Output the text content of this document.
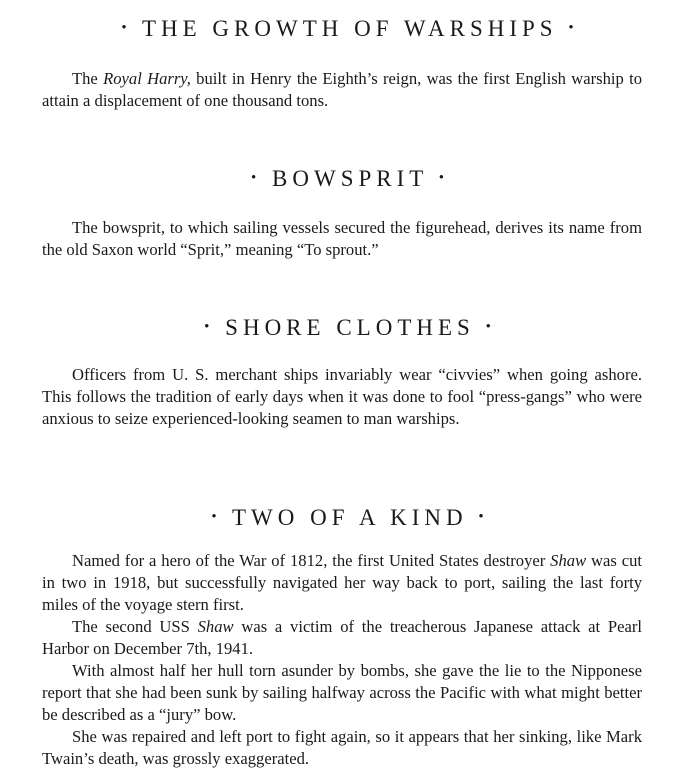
• THE GROWTH OF WARSHIPS •

The Royal Harry, built in Henry the Eighth’s reign, was the first English warship to attain a displacement of one thousand tons.

• BOWSPRIT •

The bowsprit, to which sailing vessels secured the figurehead, derives its name from the old Saxon world “Sprit,” meaning “To sprout.”

• SHORE CLOTHES •

Officers from U. S. merchant ships invariably wear “civvies” when going ashore. This follows the tradition of early days when it was done to fool “press-gangs” who were anxious to seize experienced-looking seamen to man warships.

• TWO OF A KIND •

Named for a hero of the War of 1812, the first United States destroyer Shaw was cut in two in 1918, but successfully navigated her way back to port, sailing the last forty miles of the voyage stern first.

The second USS Shaw was a victim of the treacherous Japanese attack at Pearl Harbor on December 7th, 1941.

With almost half her hull torn asunder by bombs, she gave the lie to the Nipponese report that she had been sunk by sailing halfway across the Pacific with what might better be described as a “jury” bow.

She was repaired and left port to fight again, so it appears that her sinking, like Mark Twain’s death, was grossly exaggerated.
